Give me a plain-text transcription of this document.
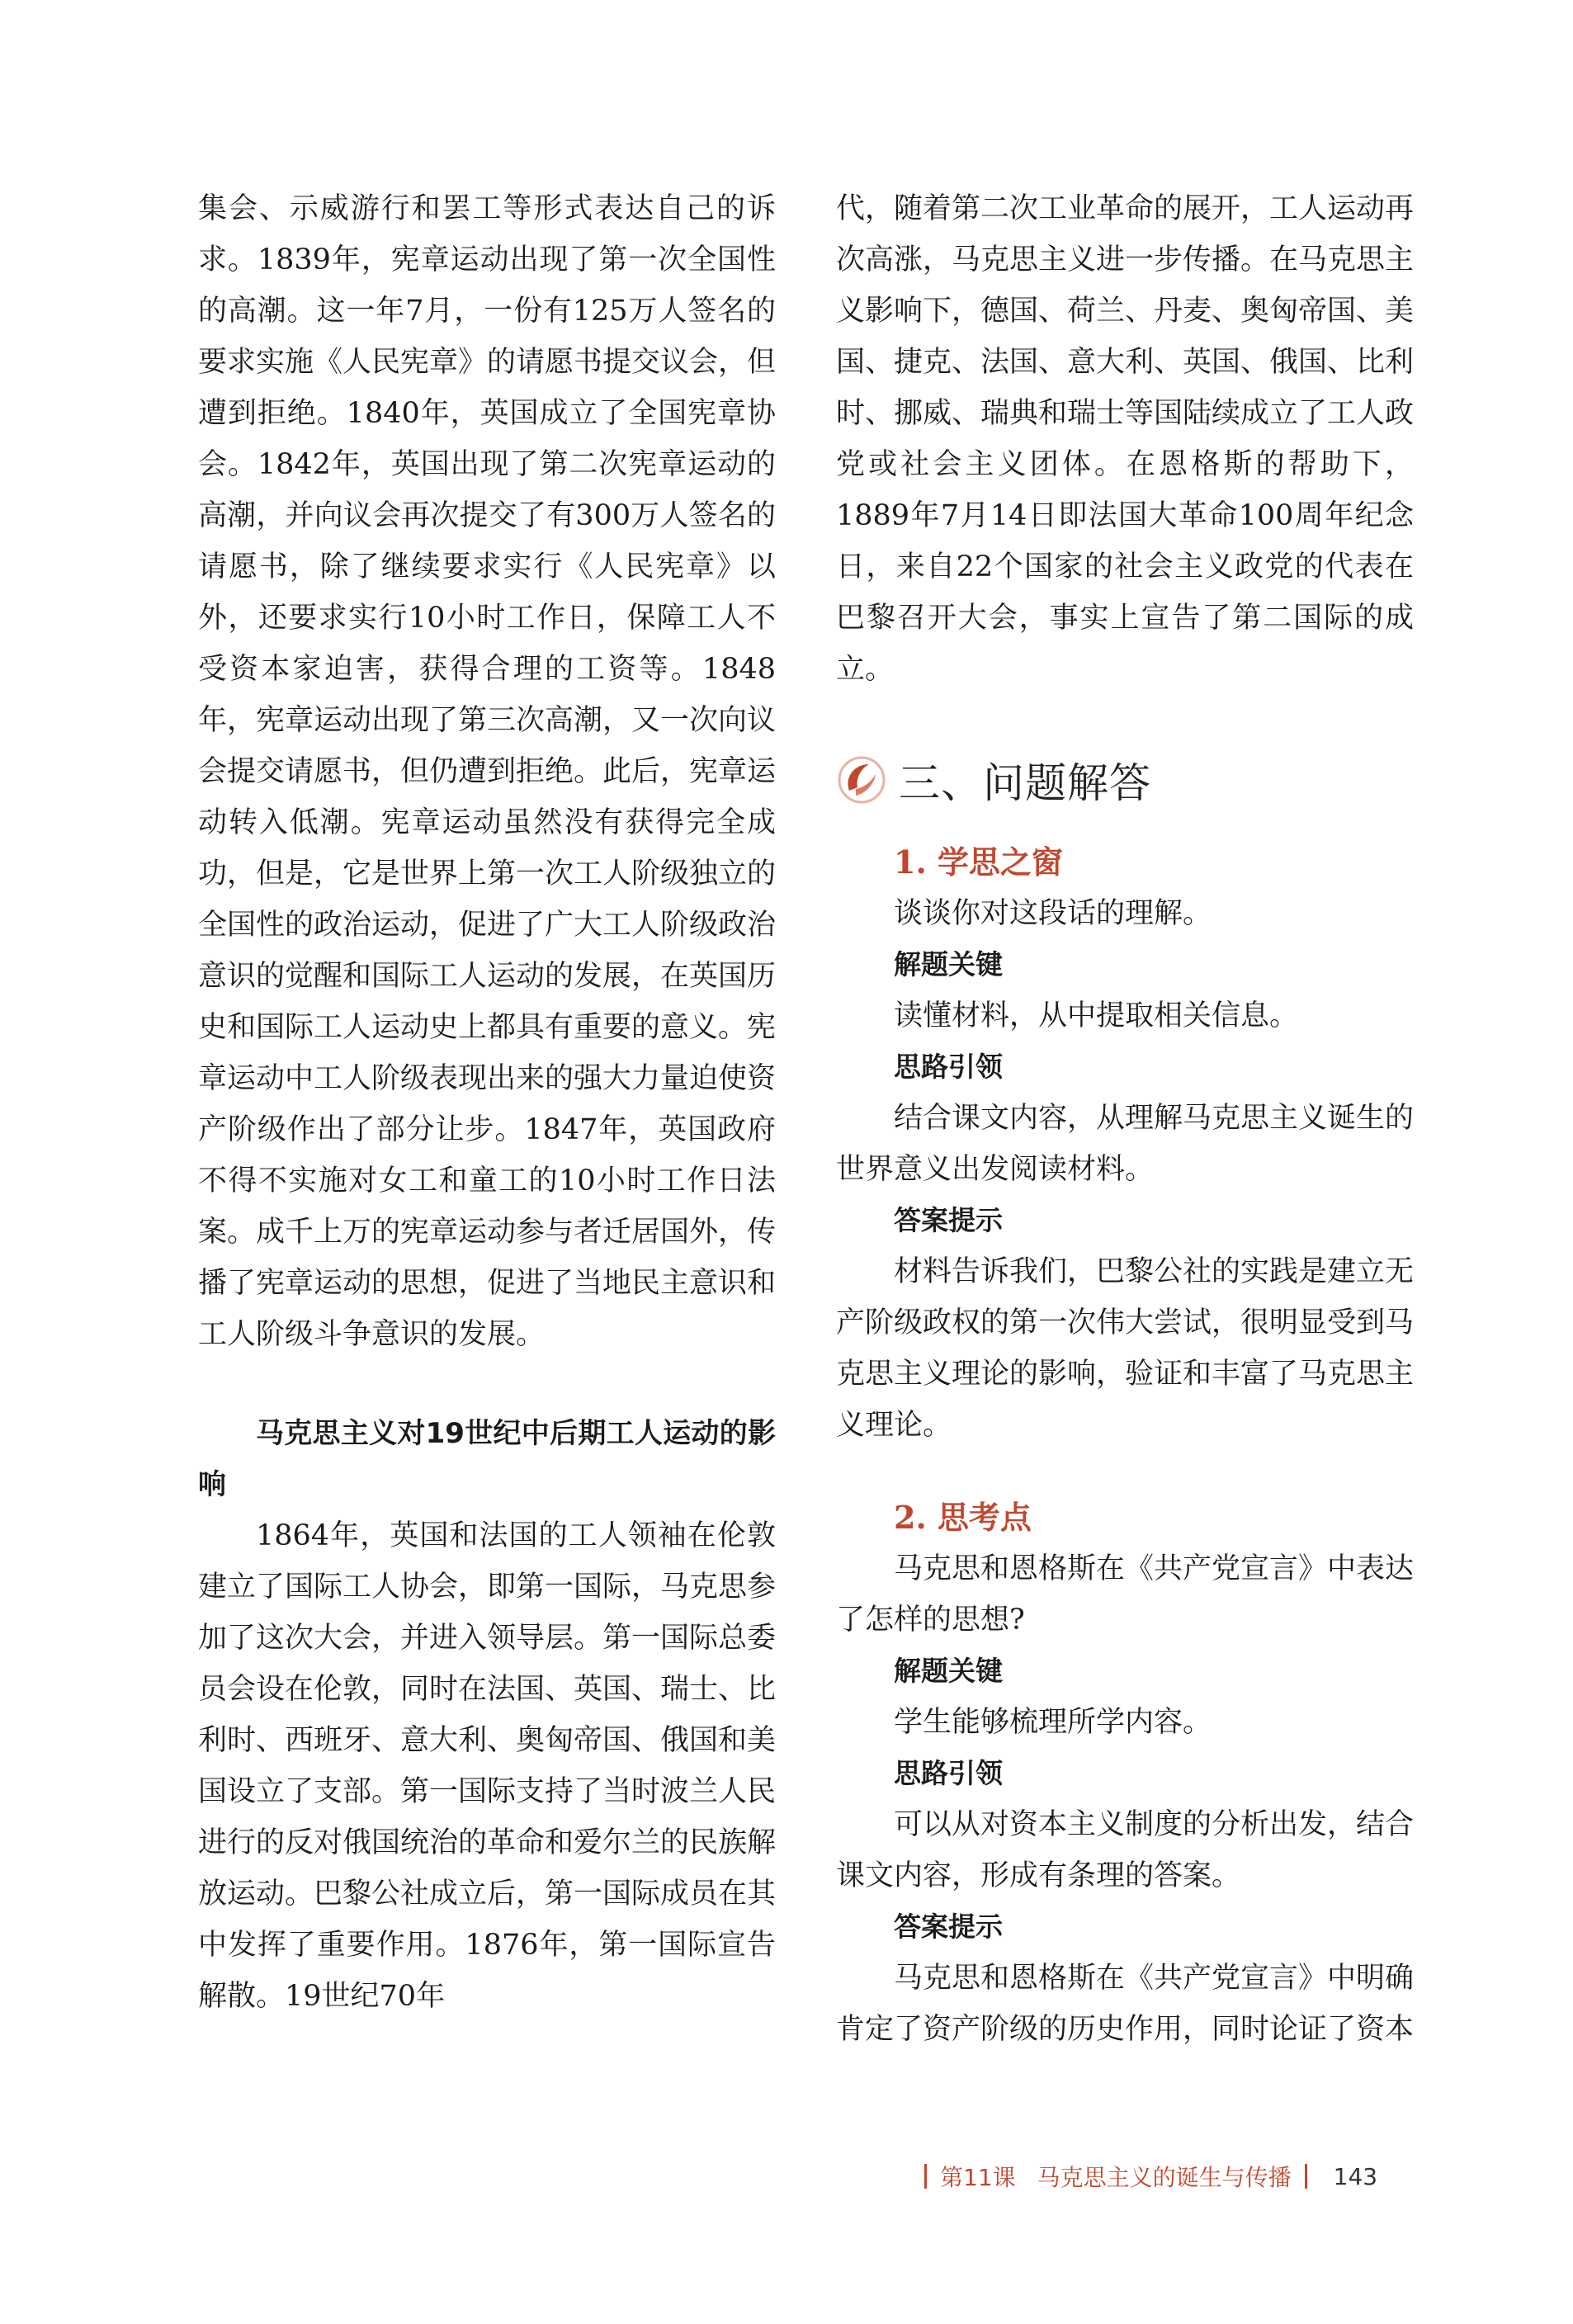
集会、示威游行和罢工等形式表达自己的诉求。1839年，宪章运动出现了第一次全国性的高潮。这一年7月，一份有125万人签名的要求实施《人民宪章》的请愿书提交议会，但遭到拒绝。1840年，英国成立了全国宪章协会。1842年，英国出现了第二次宪章运动的高潮，并向议会再次提交了有300万人签名的请愿书，除了继续要求实行《人民宪章》以外，还要求实行10小时工作日，保障工人不受资本家迫害，获得合理的工资等。1848年，宪章运动出现了第三次高潮，又一次向议会提交请愿书，但仍遭到拒绝。此后，宪章运动转入低潮。宪章运动虽然没有获得完全成功，但是，它是世界上第一次工人阶级独立的全国性的政治运动，促进了广大工人阶级政治意识的觉醒和国际工人运动的发展，在英国历史和国际工人运动史上都具有重要的意义。宪章运动中工人阶级表现出来的强大力量迫使资产阶级作出了部分让步。1847年，英国政府不得不实施对女工和童工的10小时工作日法案。成千上万的宪章运动参与者迁居国外，传播了宪章运动的思想，促进了当地民主意识和工人阶级斗争意识的发展。

马克思主义对19世纪中后期工人运动的影响

1864年，英国和法国的工人领袖在伦敦建立了国际工人协会，即第一国际，马克思参加了这次大会，并进入领导层。第一国际总委员会设在伦敦，同时在法国、英国、瑞士、比利时、西班牙、意大利、奥匈帝国、俄国和美国设立了支部。第一国际支持了当时波兰人民进行的反对俄国统治的革命和爱尔兰的民族解放运动。巴黎公社成立后，第一国际成员在其中发挥了重要作用。1876年，第一国际宣告解散。19世纪70年

代，随着第二次工业革命的展开，工人运动再次高涨，马克思主义进一步传播。在马克思主义影响下，德国、荷兰、丹麦、奥匈帝国、美国、捷克、法国、意大利、英国、俄国、比利时、挪威、瑞典和瑞士等国陆续成立了工人政党或社会主义团体。在恩格斯的帮助下，1889年7月14日即法国大革命100周年纪念日，来自22个国家的社会主义政党的代表在巴黎召开大会，事实上宣告了第二国际的成立。

三、问题解答
1. 学思之窗

谈谈你对这段话的理解。

解题关键

读懂材料，从中提取相关信息。

思路引领

结合课文内容，从理解马克思主义诞生的世界意义出发阅读材料。

答案提示

材料告诉我们，巴黎公社的实践是建立无产阶级政权的第一次伟大尝试，很明显受到马克思主义理论的影响，验证和丰富了马克思主义理论。

2. 思考点

马克思和恩格斯在《共产党宣言》中表达了怎样的思想?

解题关键

学生能够梳理所学内容。

思路引领

可以从对资本主义制度的分析出发，结合课文内容，形成有条理的答案。

答案提示

马克思和恩格斯在《共产党宣言》中明确肯定了资产阶级的历史作用，同时论证了资本

第11课 马克思主义的诞生与传播 143
